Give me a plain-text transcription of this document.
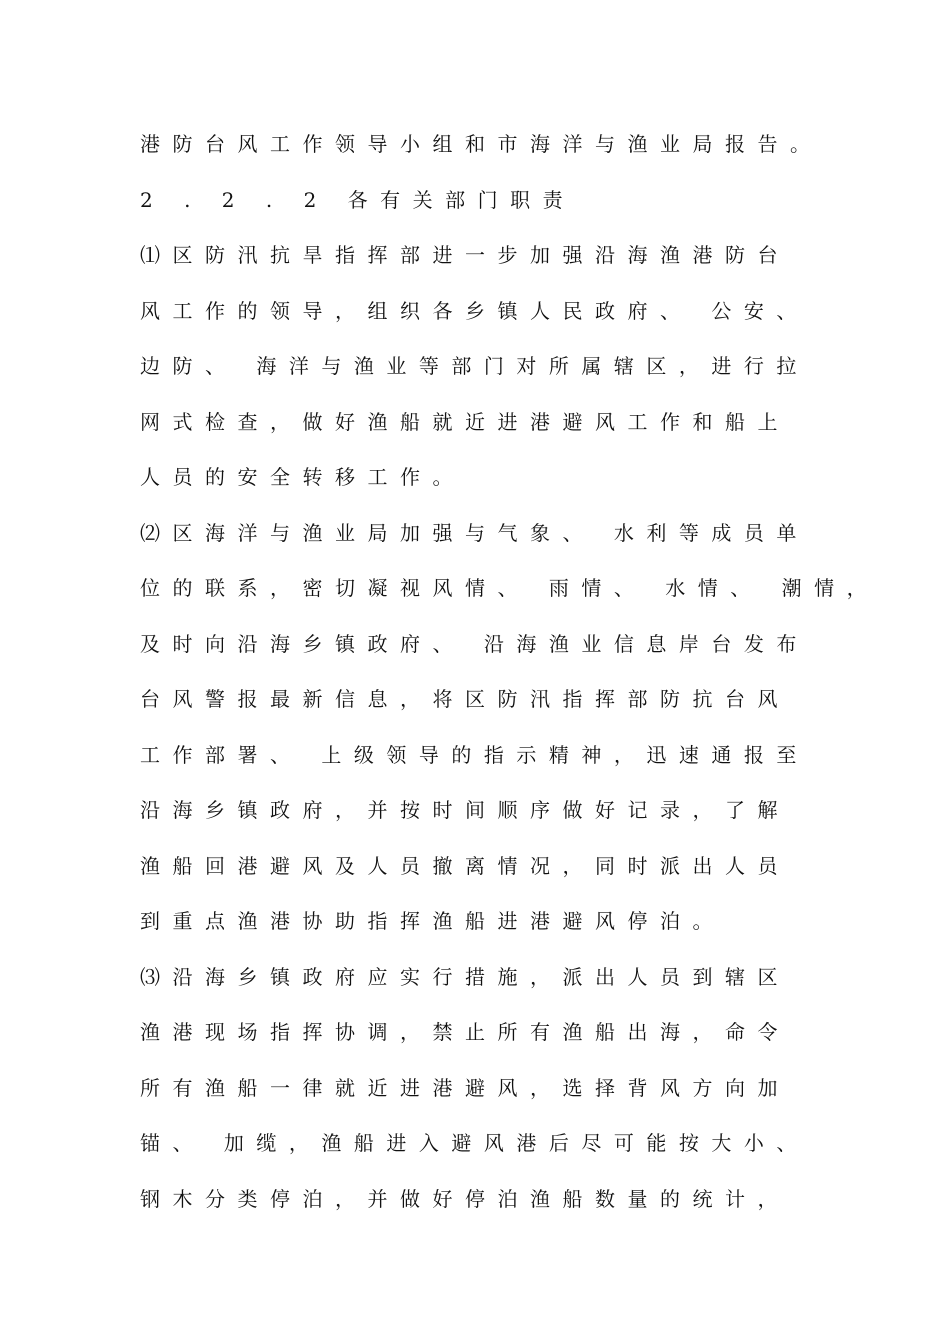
港防台风工作领导小组和市海洋与渔业局报告。
2 . 2 . 2 各有关部门职责
⑴区防汛抗旱指挥部进一步加强沿海渔港防台
风工作的领导，组织各乡镇人民政府、 公安、
边防、 海洋与渔业等部门对所属辖区，进行拉
网式检查，做好渔船就近进港避风工作和船上
人员的安全转移工作。
⑵区海洋与渔业局加强与气象、 水利等成员单
位的联系，密切凝视风情、 雨情、 水情、 潮情，
及时向沿海乡镇政府、 沿海渔业信息岸台发布
台风警报最新信息，将区防汛指挥部防抗台风
工作部署、 上级领导的指示精神，迅速通报至
沿海乡镇政府，并按时间顺序做好记录，了解
渔船回港避风及人员撤离情况，同时派出人员
到重点渔港协助指挥渔船进港避风停泊。
⑶沿海乡镇政府应实行措施，派出人员到辖区
渔港现场指挥协调，禁止所有渔船出海，命令
所有渔船一律就近进港避风，选择背风方向加
锚、 加缆，渔船进入避风港后尽可能按大小、
钢木分类停泊，并做好停泊渔船数量的统计，
